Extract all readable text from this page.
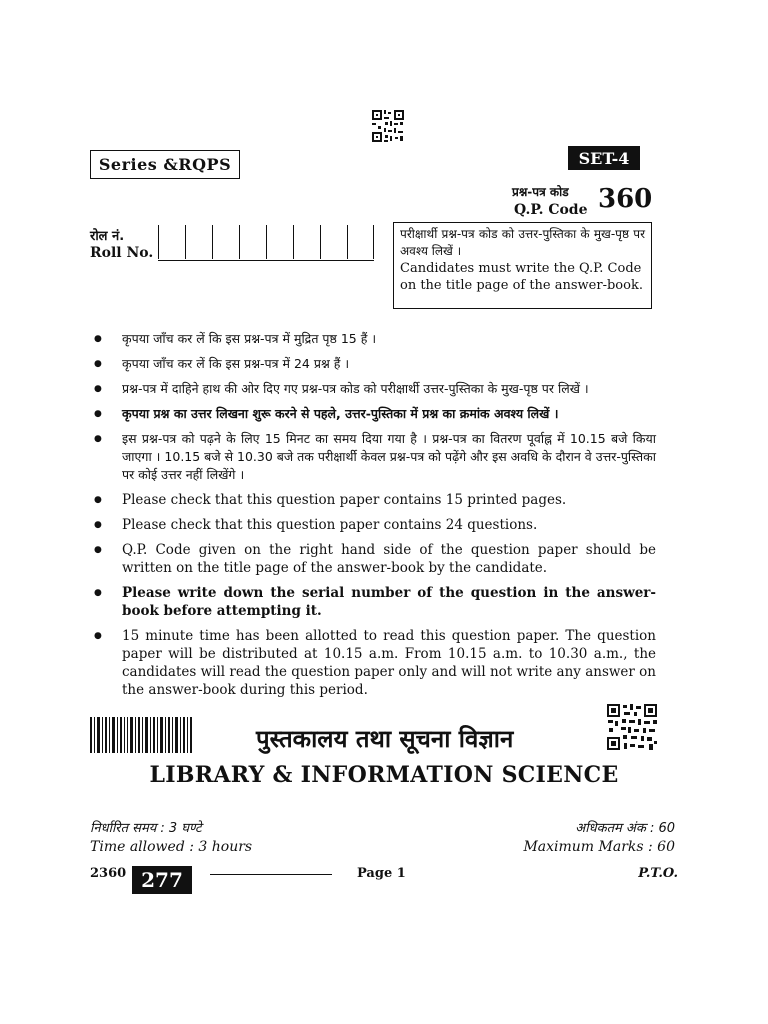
Series &RQPS	SET-4
प्रश्न-पत्र कोड
Q.P. Code 360
रोल नं.
Roll No.
परीक्षार्थी प्रश्न-पत्र कोड को उत्तर-पुस्तिका के मुख-पृष्ठ पर अवश्य लिखें ।
Candidates must write the Q.P. Code on the title page of the answer-book.
● कृपया जाँच कर लें कि इस प्रश्न-पत्र में मुद्रित पृष्ठ 15 हैं ।
● कृपया जाँच कर लें कि इस प्रश्न-पत्र में 24 प्रश्न हैं ।
● प्रश्न-पत्र में दाहिने हाथ की ओर दिए गए प्रश्न-पत्र कोड को परीक्षार्थी उत्तर-पुस्तिका के मुख-पृष्ठ पर लिखें ।
● कृपया प्रश्न का उत्तर लिखना शुरू करने से पहले, उत्तर-पुस्तिका में प्रश्न का क्रमांक अवश्य लिखें ।
● इस प्रश्न-पत्र को पढ़ने के लिए 15 मिनट का समय दिया गया है । प्रश्न-पत्र का वितरण पूर्वाह्न में 10.15 बजे किया जाएगा । 10.15 बजे से 10.30 बजे तक परीक्षार्थी केवल प्रश्न-पत्र को पढ़ेंगे और इस अवधि के दौरान वे उत्तर-पुस्तिका पर कोई उत्तर नहीं लिखेंगे ।
● Please check that this question paper contains 15 printed pages.
● Please check that this question paper contains 24 questions.
● Q.P. Code given on the right hand side of the question paper should be written on the title page of the answer-book by the candidate.
● Please write down the serial number of the question in the answer-book before attempting it.
● 15 minute time has been allotted to read this question paper. The question paper will be distributed at 10.15 a.m. From 10.15 a.m. to 10.30 a.m., the candidates will read the question paper only and will not write any answer on the answer-book during this period.
पुस्तकालय तथा सूचना विज्ञान
LIBRARY & INFORMATION SCIENCE
निर्धारित समय : 3 घण्टे
Time allowed : 3 hours
अधिकतम अंक : 60
Maximum Marks : 60
2360 277	Page 1	P.T.O.
